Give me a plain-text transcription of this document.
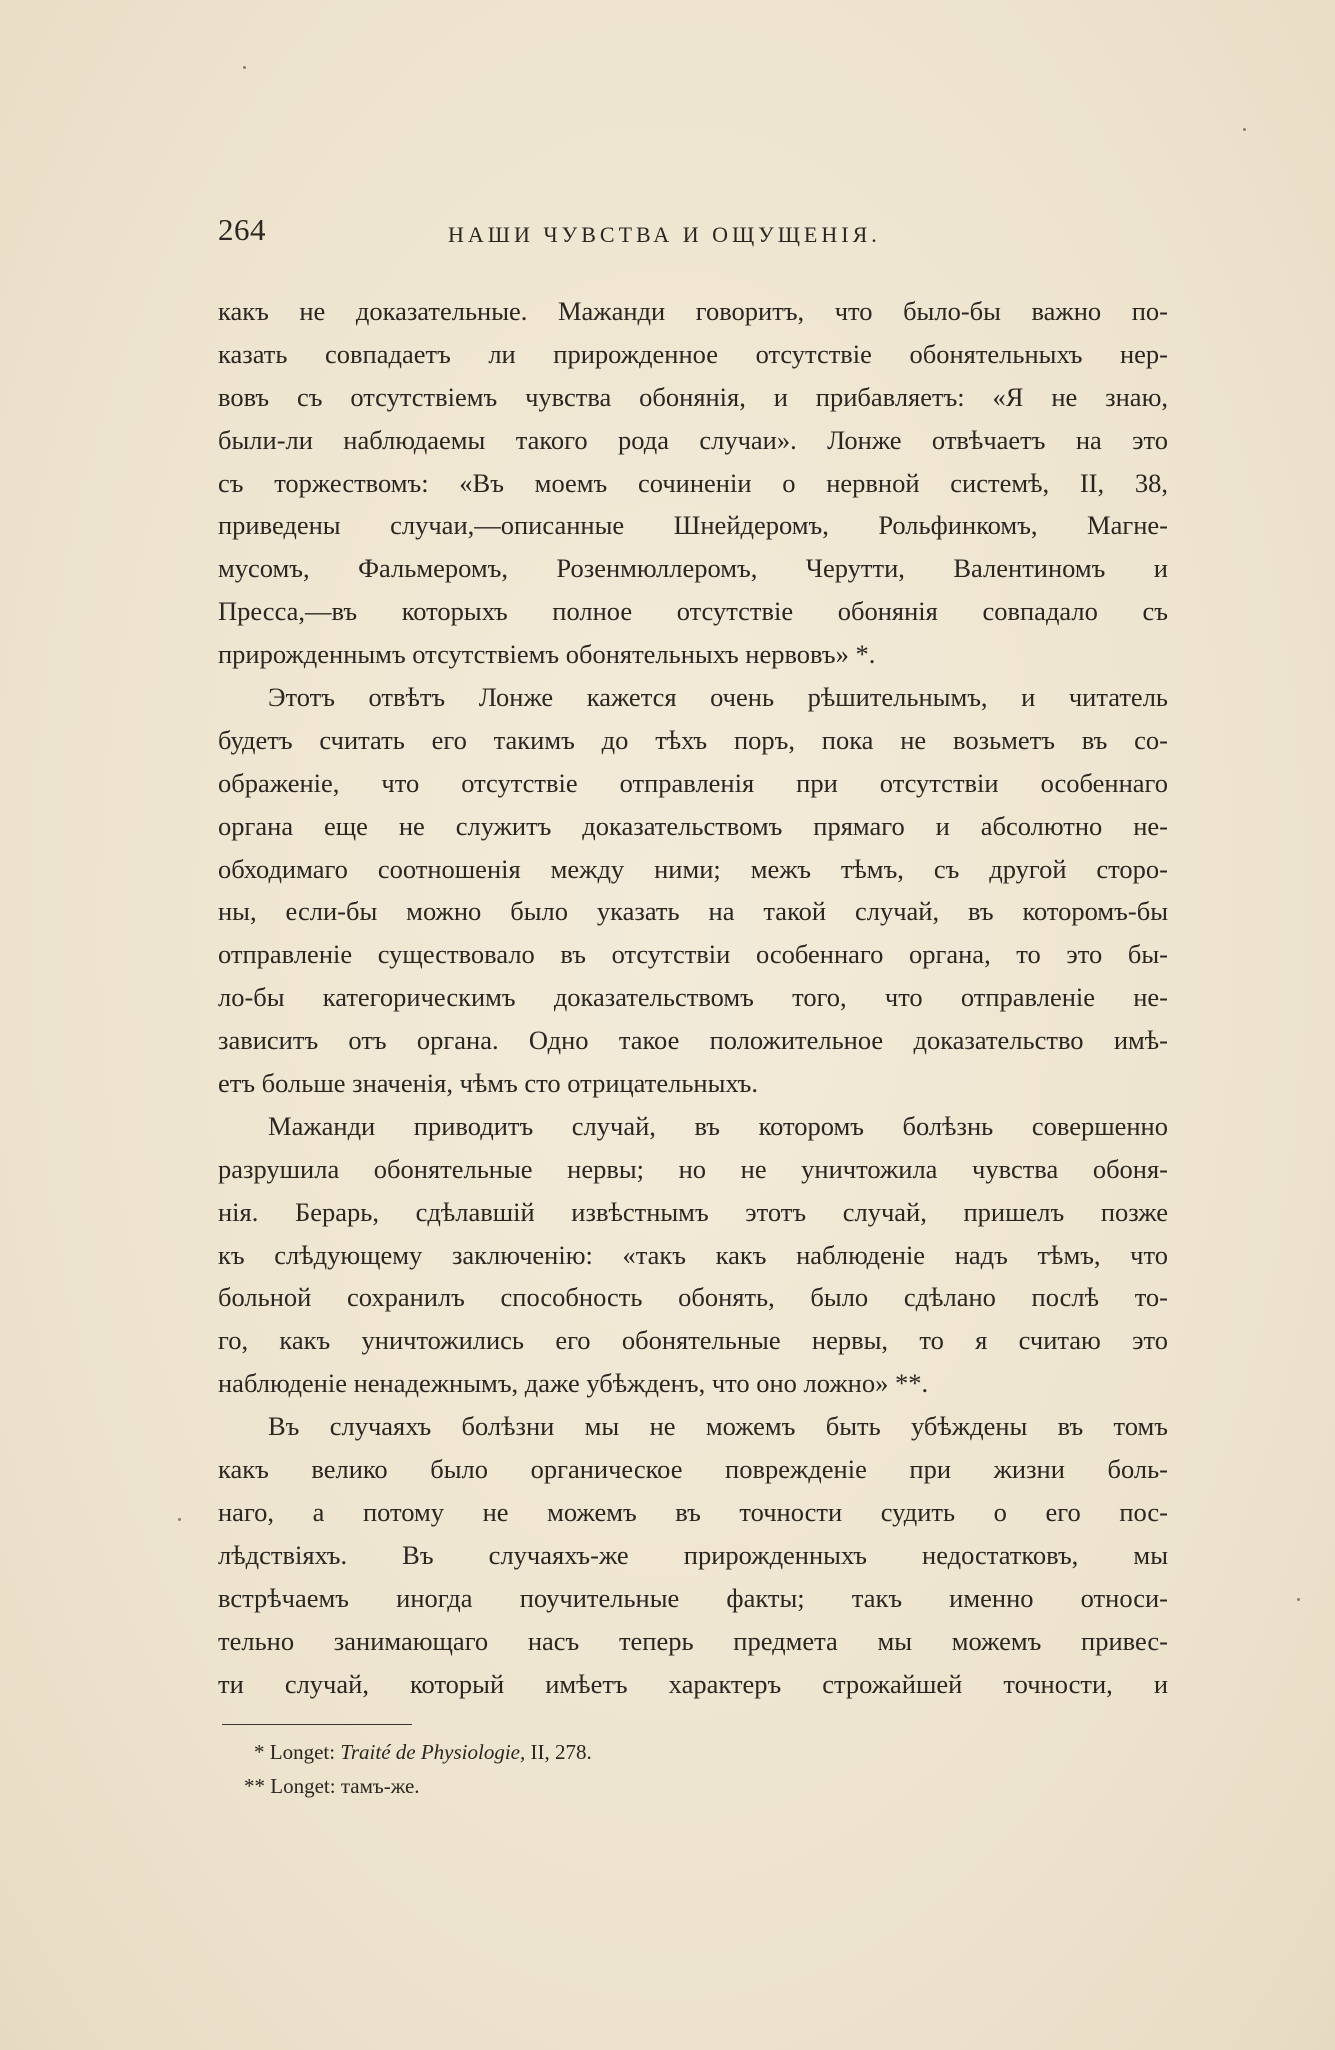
264	НАШИ ЧУВСТВА И ОЩУЩЕНІЯ.
какъ не доказательные. Мажанди говоритъ, что было-бы важно по-
казать совпадаетъ ли прирожденное отсутствіе обонятельныхъ нер-
вовъ съ отсутствіемъ чувства обонянія, и прибавляетъ: «Я не знаю,
были-ли наблюдаемы такого рода случаи». Лонже отвѣчаетъ на это
съ торжествомъ: «Въ моемъ сочиненіи о нервной системѣ, II, 38,
приведены случаи,—описанные Шнейдеромъ, Рольфинкомъ, Магне-
мусомъ, Фальмеромъ, Розенмюллеромъ, Черутти, Валентиномъ и
Пресса,—въ которыхъ полное отсутствіе обонянія совпадало съ
прирожденнымъ отсутствіемъ обонятельныхъ нервовъ» *.
Этотъ отвѣтъ Лонже кажется очень рѣшительнымъ, и читатель
будетъ считать его такимъ до тѣхъ поръ, пока не возьметъ въ со-
ображеніе, что отсутствіе отправленія при отсутствіи особеннаго
органа еще не служитъ доказательствомъ прямаго и абсолютно не-
обходимаго соотношенія между ними; межъ тѣмъ, съ другой сторо-
ны, если-бы можно было указать на такой случай, въ которомъ-бы
отправленіе существовало въ отсутствіи особеннаго органа, то это бы-
ло-бы категорическимъ доказательствомъ того, что отправленіе не-
зависитъ отъ органа. Одно такое положительное доказательство имѣ-
етъ больше значенія, чѣмъ сто отрицательныхъ.
Мажанди приводитъ случай, въ которомъ болѣзнь совершенно
разрушила обонятельные нервы; но не уничтожила чувства обоня-
нія. Берарь, сдѣлавшій извѣстнымъ этотъ случай, пришелъ позже
къ слѣдующему заключенію: «такъ какъ наблюденіе надъ тѣмъ, что
больной сохранилъ способность обонять, было сдѣлано послѣ то-
го, какъ уничтожились его обонятельные нервы, то я считаю это
наблюденіе ненадежнымъ, даже убѣжденъ, что оно ложно» **.
Въ случаяхъ болѣзни мы не можемъ быть убѣждены въ томъ
какъ велико было органическое поврежденіе при жизни боль-
наго, а потому не можемъ въ точности судить о его пос-
лѣдствіяхъ. Въ случаяхъ-же прирожденныхъ недостатковъ, мы
встрѣчаемъ иногда поучительные факты; такъ именно относи-
тельно занимающаго насъ теперь предмета мы можемъ привес-
ти случай, который имѣетъ характеръ строжайшей точности, и
* Longet: Traité de Physiologie, II, 278.
** Longet: тамъ-же.
